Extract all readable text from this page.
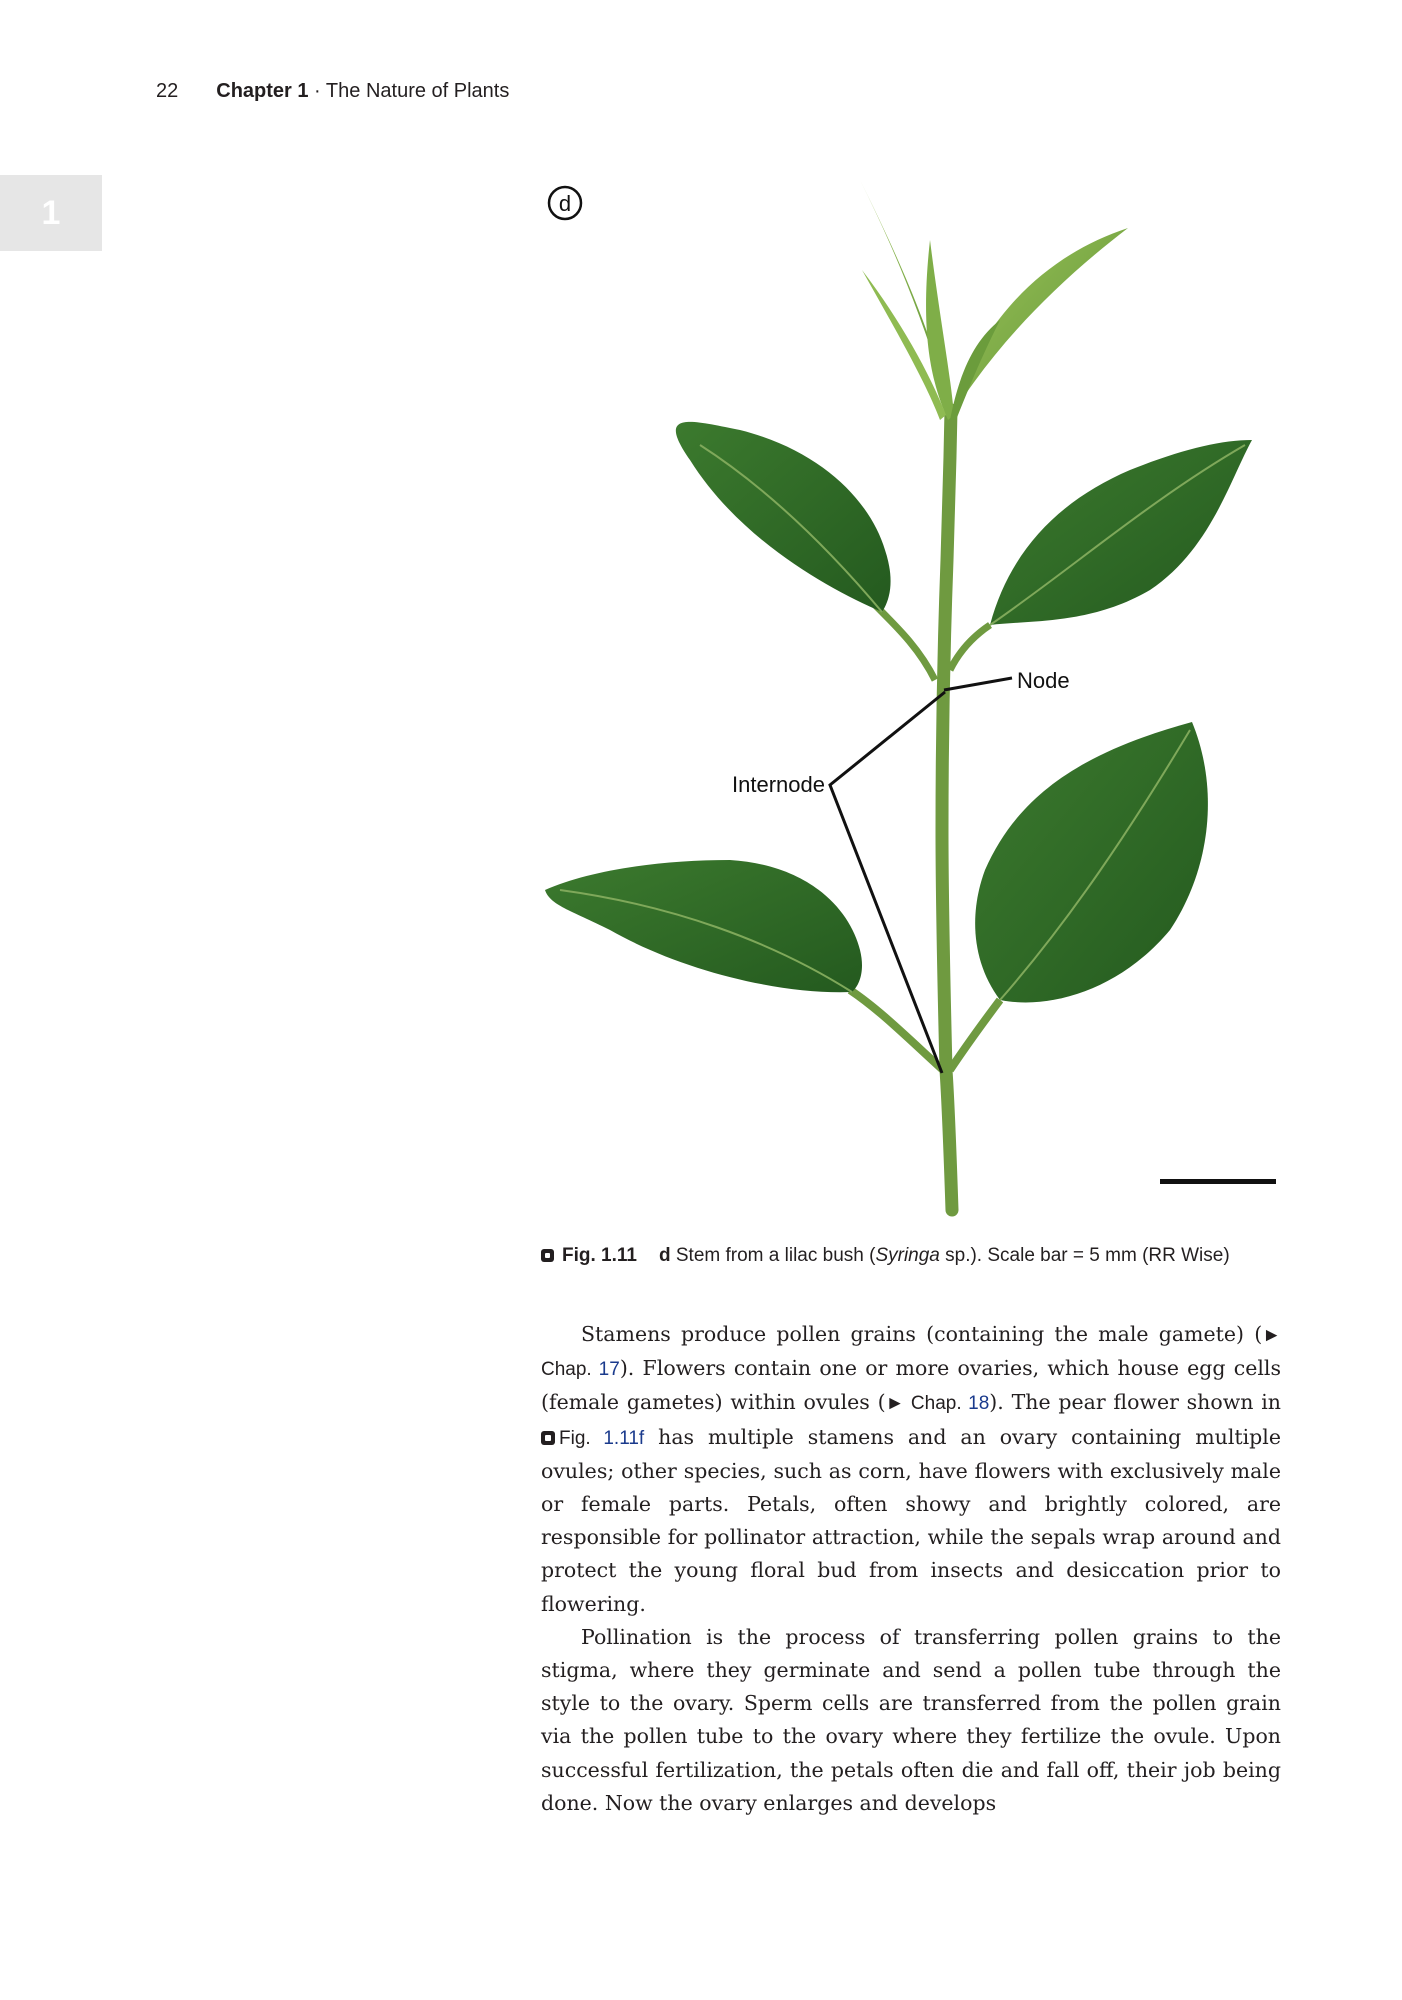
22 Chapter 1 · The Nature of Plants
1	d
Node
Internode
Fig. 1.11 d Stem from a lilac bush (Syringa sp.). Scale bar = 5 mm (RR Wise)

Stamens produce pollen grains (containing the male gamete) (► Chap. 17). Flowers contain one or more ovaries, which house egg cells (female gametes) within ovules (► Chap. 18). The pear flower shown in Fig. 1.11f has multiple stamens and an ovary containing multiple ovules; other species, such as corn, have flowers with exclusively male or female parts. Petals, often showy and brightly colored, are responsible for pollinator attraction, while the sepals wrap around and protect the young floral bud from insects and desiccation prior to flowering.

Pollination is the process of transferring pollen grains to the stigma, where they germinate and send a pollen tube through the style to the ovary. Sperm cells are transferred from the pollen grain via the pollen tube to the ovary where they fertilize the ovule. Upon successful fertilization, the petals often die and fall off, their job being done. Now the ovary enlarges and develops
